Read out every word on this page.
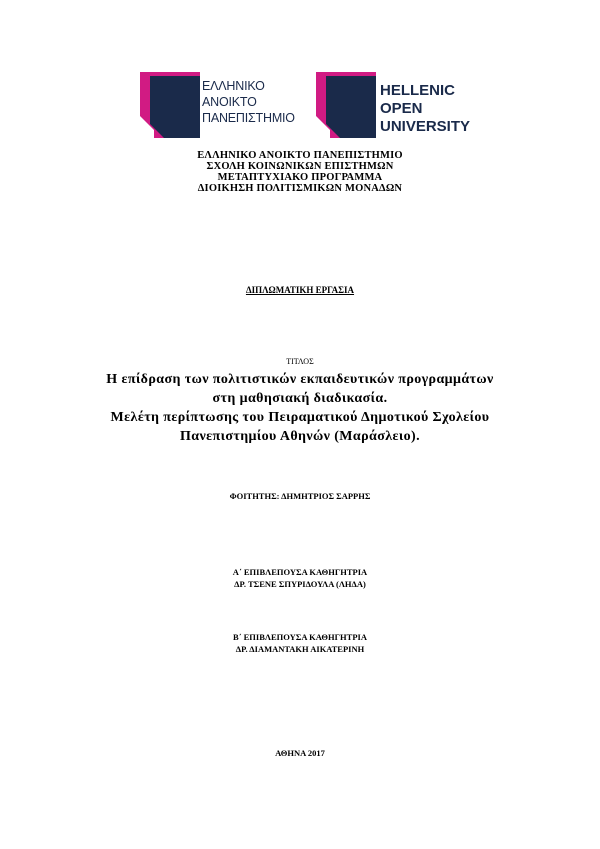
ΕΛΛΗΝΙΚΟ
ΑΝΟΙΚΤΟ
ΠΑΝΕΠΙΣΤΗΜΙΟ
HELLENIC
OPEN
UNIVERSITY
ΕΛΛΗΝΙΚΟ ΑΝΟΙΚΤΟ ΠΑΝΕΠΙΣΤΗΜΙΟ
ΣΧΟΛΗ ΚΟΙΝΩΝΙΚΩΝ ΕΠΙΣΤΗΜΩΝ
ΜΕΤΑΠΤΥΧΙΑΚΟ ΠΡΟΓΡΑΜΜΑ
ΔΙΟΙΚΗΣΗ ΠΟΛΙΤΙΣΜΙΚΩΝ ΜΟΝΑΔΩΝ
ΔΙΠΛΩΜΑΤΙΚΗ ΕΡΓΑΣΙΑ
ΤΙΤΛΟΣ
Η επίδραση των πολιτιστικών εκπαιδευτικών προγραμμάτων
στη μαθησιακή διαδικασία.
Μελέτη περίπτωσης του Πειραματικού Δημοτικού Σχολείου
Πανεπιστημίου Αθηνών (Μαράσλειο).
ΦΟΙΤΗΤΗΣ: ΔΗΜΗΤΡΙΟΣ ΣΑΡΡΗΣ
Α΄ ΕΠΙΒΛΕΠΟΥΣΑ ΚΑΘΗΓΗΤΡΙΑ
ΔΡ. ΤΣΕΝΕ ΣΠΥΡΙΔΟΥΛΑ (ΛΗΔΑ)
Β΄ ΕΠΙΒΛΕΠΟΥΣΑ ΚΑΘΗΓΗΤΡΙΑ
ΔΡ. ΔΙΑΜΑΝΤΑΚΗ ΑΙΚΑΤΕΡΙΝΗ
ΑΘΗΝΑ 2017
